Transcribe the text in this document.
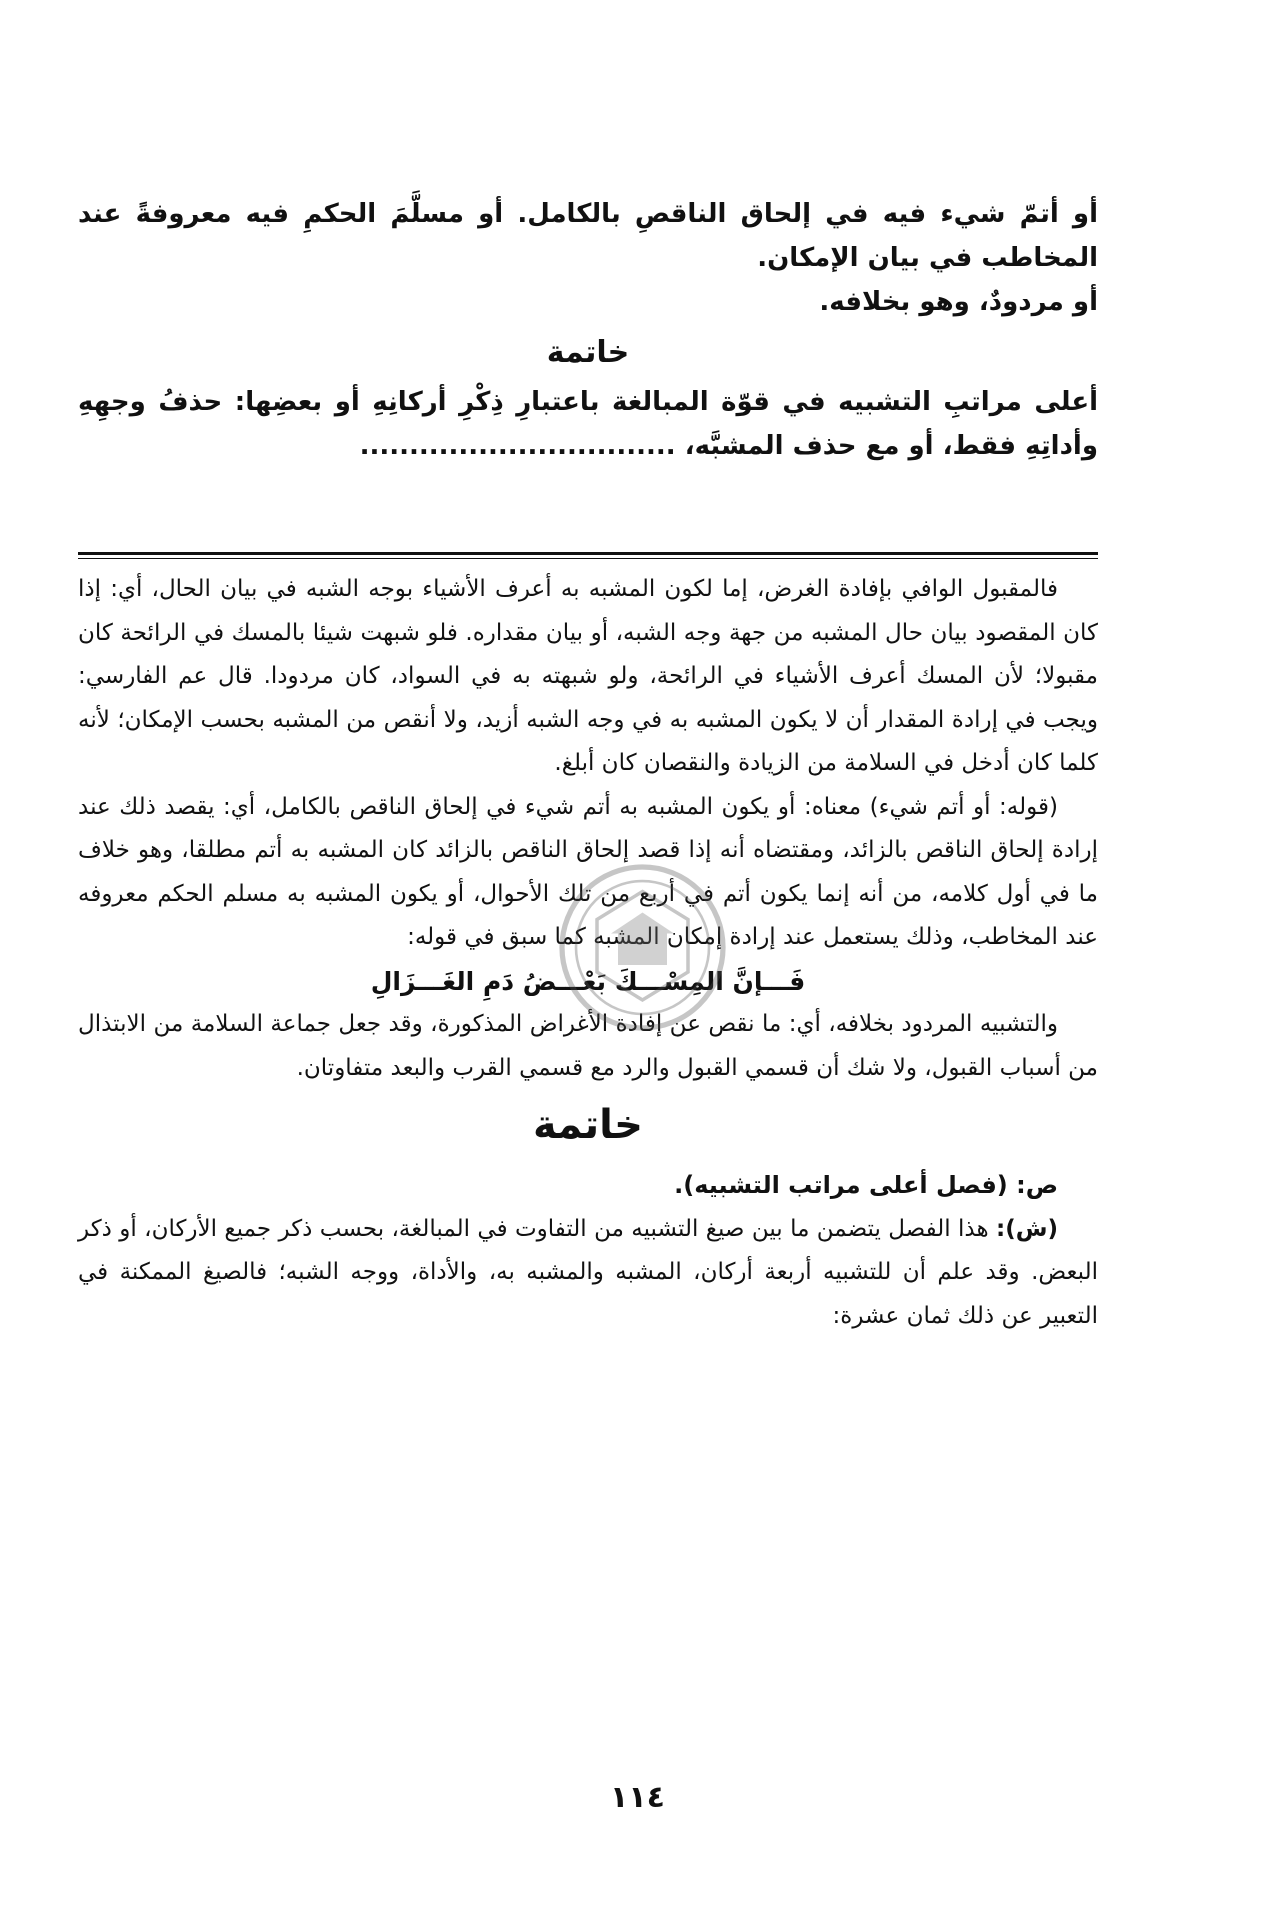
أو أتمّ شيء فيه في إلحاق الناقصِ بالكامل. أو مسلَّمَ الحكمِ فيه معروفةً عند المخاطب في بيان الإمكان.

أو مردودٌ، وهو بخلافه.

خاتمة

أعلى مراتبِ التشبيه في قوّة المبالغة باعتبارِ ذِكْرِ أركانِهِ أو بعضِها: حذفُ وجهِهِ وأداتِهِ فقط، أو مع حذف المشبَّه، ................................

فالمقبول الوافي بإفادة الغرض، إما لكون المشبه به أعرف الأشياء بوجه الشبه في بيان الحال، أي: إذا كان المقصود بيان حال المشبه من جهة وجه الشبه، أو بيان مقداره. فلو شبهت شيئا بالمسك في الرائحة كان مقبولا؛ لأن المسك أعرف الأشياء في الرائحة، ولو شبهته به في السواد، كان مردودا. قال عم الفارسي: ويجب في إرادة المقدار أن لا يكون المشبه به في وجه الشبه أزيد، ولا أنقص من المشبه بحسب الإمكان؛ لأنه كلما كان أدخل في السلامة من الزيادة والنقصان كان أبلغ.

(قوله: أو أتم شيء) معناه: أو يكون المشبه به أتم شيء في إلحاق الناقص بالكامل، أي: يقصد ذلك عند إرادة إلحاق الناقص بالزائد، ومقتضاه أنه إذا قصد إلحاق الناقص بالزائد كان المشبه به أتم مطلقا، وهو خلاف ما في أول كلامه، من أنه إنما يكون أتم في أربع من تلك الأحوال، أو يكون المشبه به مسلم الحكم معروفه عند المخاطب، وذلك يستعمل عند إرادة إمكان المشبه كما سبق في قوله:

فَـــإنَّ المِسْـــكَ بَعْـــضُ دَمِ الغَـــزَالِ

والتشبيه المردود بخلافه، أي: ما نقص عن إفادة الأغراض المذكورة، وقد جعل جماعة السلامة من الابتذال من أسباب القبول، ولا شك أن قسمي القبول والرد مع قسمي القرب والبعد متفاوتان.

خاتمة

ص: (فصل أعلى مراتب التشبيه).

(ش): هذا الفصل يتضمن ما بين صيغ التشبيه من التفاوت في المبالغة، بحسب ذكر جميع الأركان، أو ذكر البعض. وقد علم أن للتشبيه أربعة أركان، المشبه والمشبه به، والأداة، ووجه الشبه؛ فالصيغ الممكنة في التعبير عن ذلك ثمان عشرة:

١١٤
